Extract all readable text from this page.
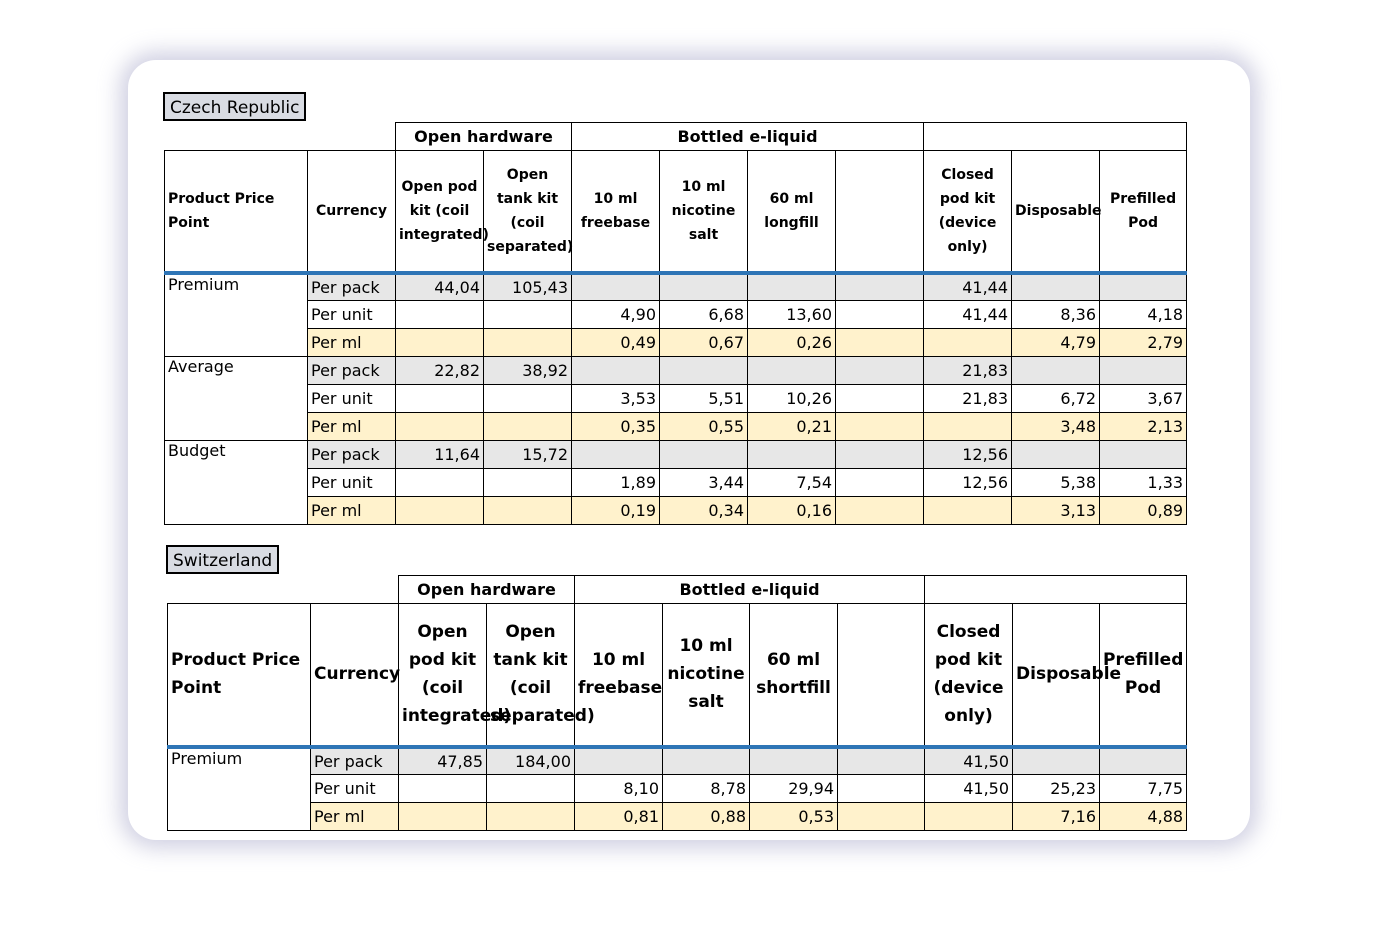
Czech Republic
		Open hardware		Bottled e-liquid						
Product Price Point	Currency	Open pod kit (coil integrated)	Open tank kit (coil separated)	10 ml freebase	10 ml nicotine salt	60 ml longfill		Closed pod kit (device only)	Disposable	Prefilled Pod
Premium	Per pack	44,04	105,43					41,44		
	Per unit			4,90	6,68	13,60		41,44	8,36	4,18
	Per ml			0,49	0,67	0,26			4,79	2,79
Average	Per pack	22,82	38,92					21,83		
	Per unit			3,53	5,51	10,26		21,83	6,72	3,67
	Per ml			0,35	0,55	0,21			3,48	2,13
Budget	Per pack	11,64	15,72					12,56		
	Per unit			1,89	3,44	7,54		12,56	5,38	1,33
	Per ml			0,19	0,34	0,16			3,13	0,89
Switzerland
		Open hardware		Bottled e-liquid						
Product Price Point	Currency	Open pod kit (coil integrated)	Open tank kit (coil separated)	10 ml freebase	10 ml nicotine salt	60 ml shortfill		Closed pod kit (device only)	Disposable	Prefilled Pod
Premium	Per pack	47,85	184,00					41,50		
	Per unit			8,10	8,78	29,94		41,50	25,23	7,75
	Per ml			0,81	0,88	0,53			7,16	4,88
